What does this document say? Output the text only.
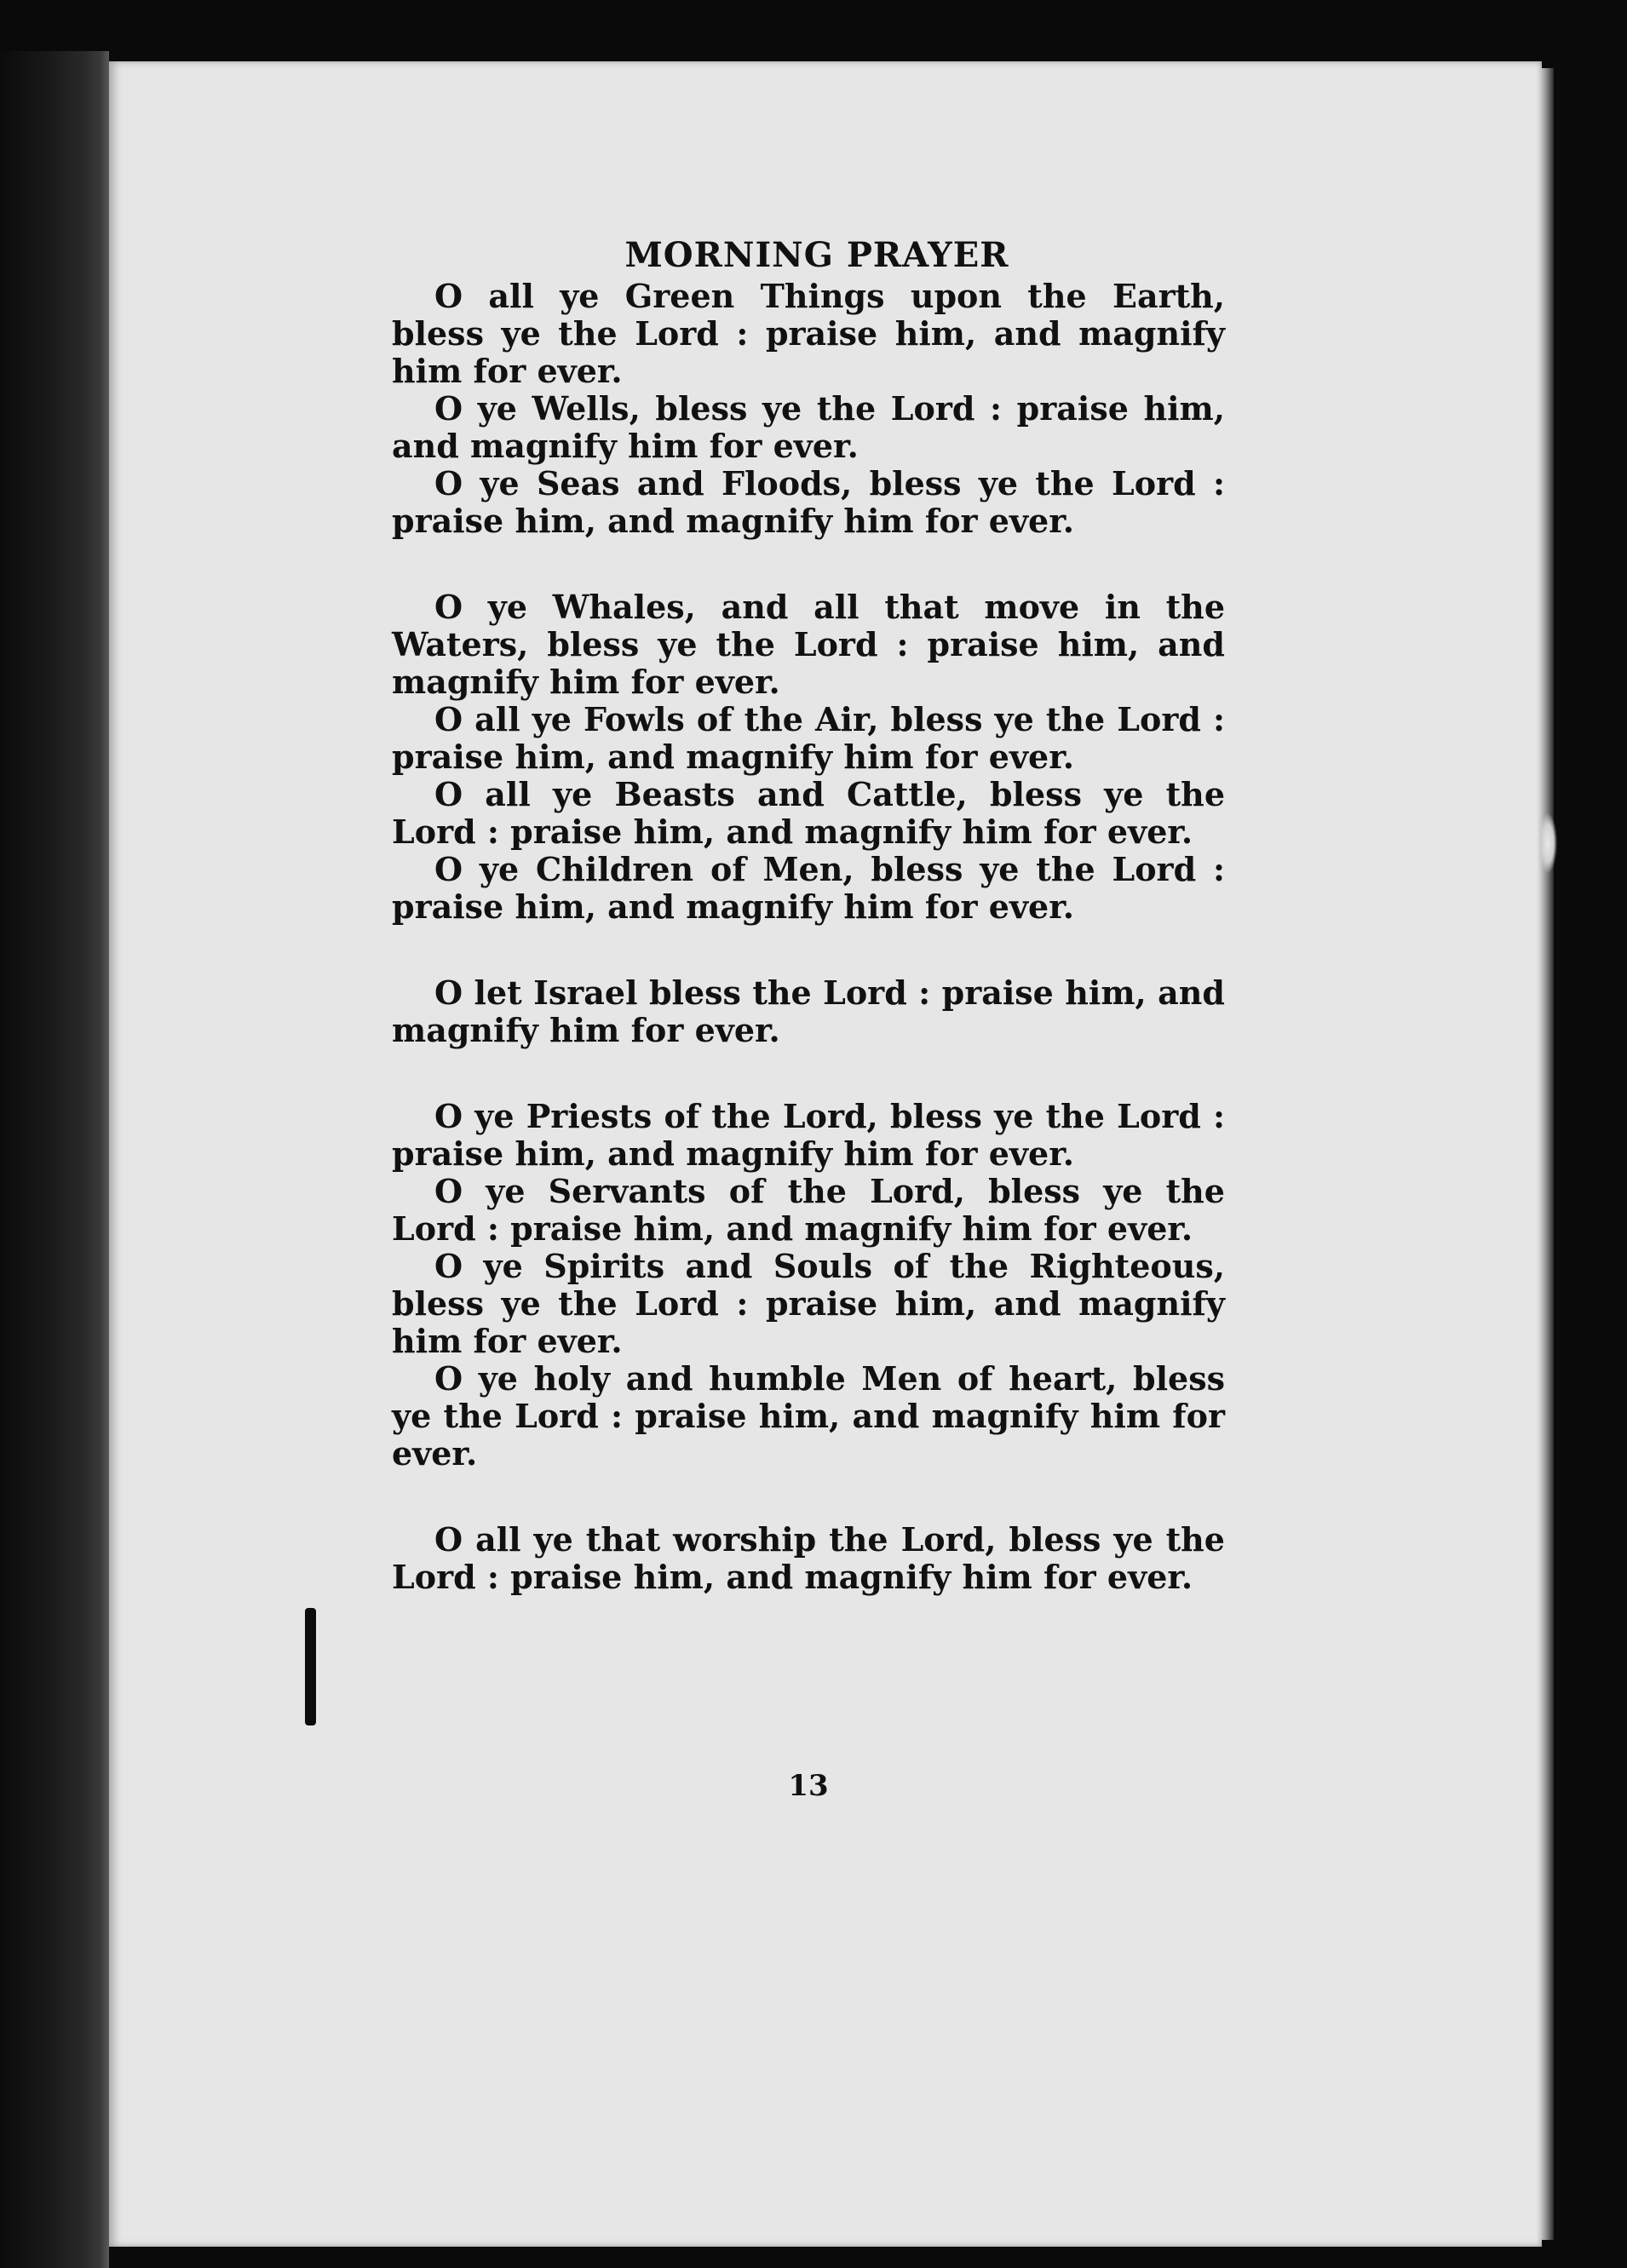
MORNING PRAYER

O all ye Green Things upon the Earth, bless ye the Lord : praise him, and magnify him for ever.

O ye Wells, bless ye the Lord : praise him, and magnify him for ever.

O ye Seas and Floods, bless ye the Lord : praise him, and magnify him for ever.

O ye Whales, and all that move in the Waters, bless ye the Lord : praise him, and magnify him for ever.

O all ye Fowls of the Air, bless ye the Lord : praise him, and magnify him for ever.

O all ye Beasts and Cattle, bless ye the Lord : praise him, and magnify him for ever.

O ye Children of Men, bless ye the Lord : praise him, and magnify him for ever.

O let Israel bless the Lord : praise him, and magnify him for ever.

O ye Priests of the Lord, bless ye the Lord : praise him, and magnify him for ever.

O ye Servants of the Lord, bless ye the Lord : praise him, and magnify him for ever.

O ye Spirits and Souls of the Righteous, bless ye the Lord : praise him, and magnify him for ever.

O ye holy and humble Men of heart, bless ye the Lord : praise him, and magnify him for ever.

O all ye that worship the Lord, bless ye the Lord : praise him, and magnify him for ever.

13
